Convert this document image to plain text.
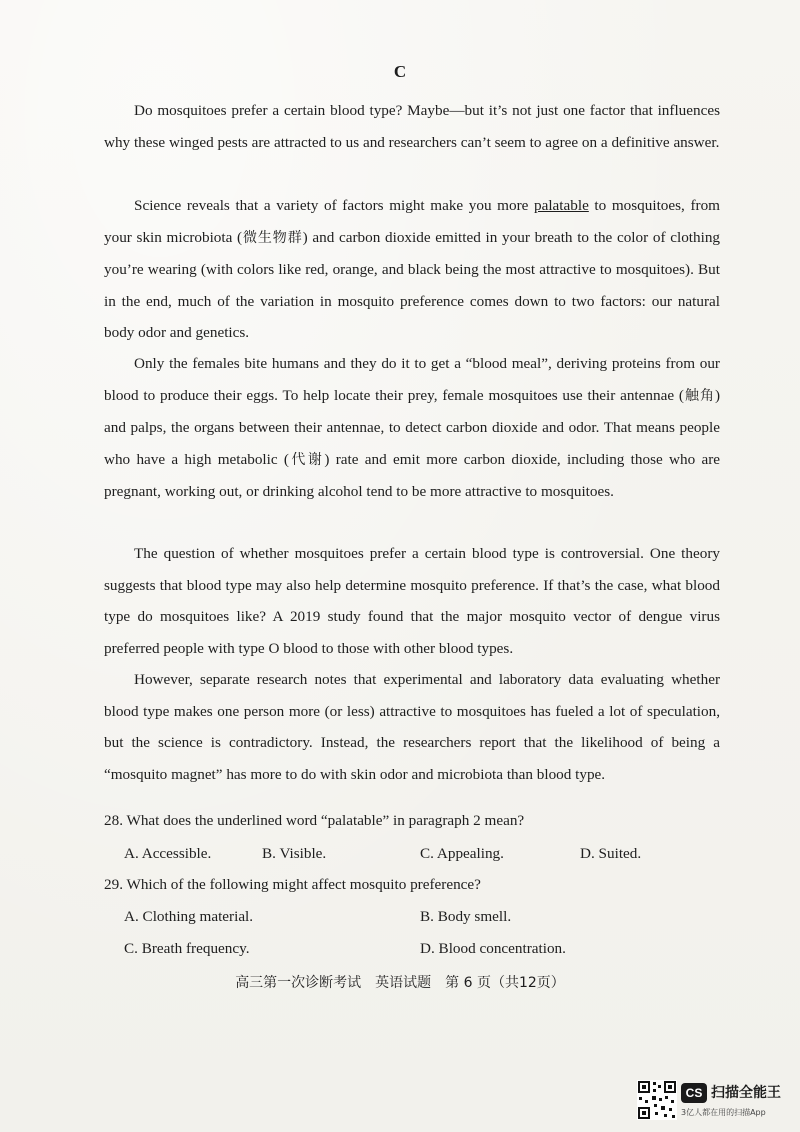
C

Do mosquitoes prefer a certain blood type? Maybe—but it’s not just one factor that influences why these winged pests are attracted to us and researchers can’t seem to agree on a definitive answer.

Science reveals that a variety of factors might make you more palatable to mosquitoes, from your skin microbiota (微生物群) and carbon dioxide emitted in your breath to the color of clothing you’re wearing (with colors like red, orange, and black being the most attractive to mosquitoes). But in the end, much of the variation in mosquito preference comes down to two factors: our natural body odor and genetics.

Only the females bite humans and they do it to get a “blood meal”, deriving proteins from our blood to produce their eggs. To help locate their prey, female mosquitoes use their antennae (触角) and palps, the organs between their antennae, to detect carbon dioxide and odor. That means people who have a high metabolic (代谢) rate and emit more carbon dioxide, including those who are pregnant, working out, or drinking alcohol tend to be more attractive to mosquitoes.

The question of whether mosquitoes prefer a certain blood type is controversial. One theory suggests that blood type may also help determine mosquito preference. If that’s the case, what blood type do mosquitoes like? A 2019 study found that the major mosquito vector of dengue virus preferred people with type O blood to those with other blood types.

However, separate research notes that experimental and laboratory data evaluating whether blood type makes one person more (or less) attractive to mosquitoes has fueled a lot of speculation, but the science is contradictory. Instead, the researchers report that the likelihood of being a “mosquito magnet” has more to do with skin odor and microbiota than blood type.

28. What does the underlined word “palatable” in paragraph 2 mean?
A. Accessible.	B. Visible.	C. Appealing.	D. Suited.
29. Which of the following might affect mosquito preference?
A. Clothing material.	B. Body smell.
C. Breath frequency.	D. Blood concentration.
高三第一次诊断考试　英语试题　第 6 页（共12页）
CS 扫描全能王
3亿人都在用的扫描App
